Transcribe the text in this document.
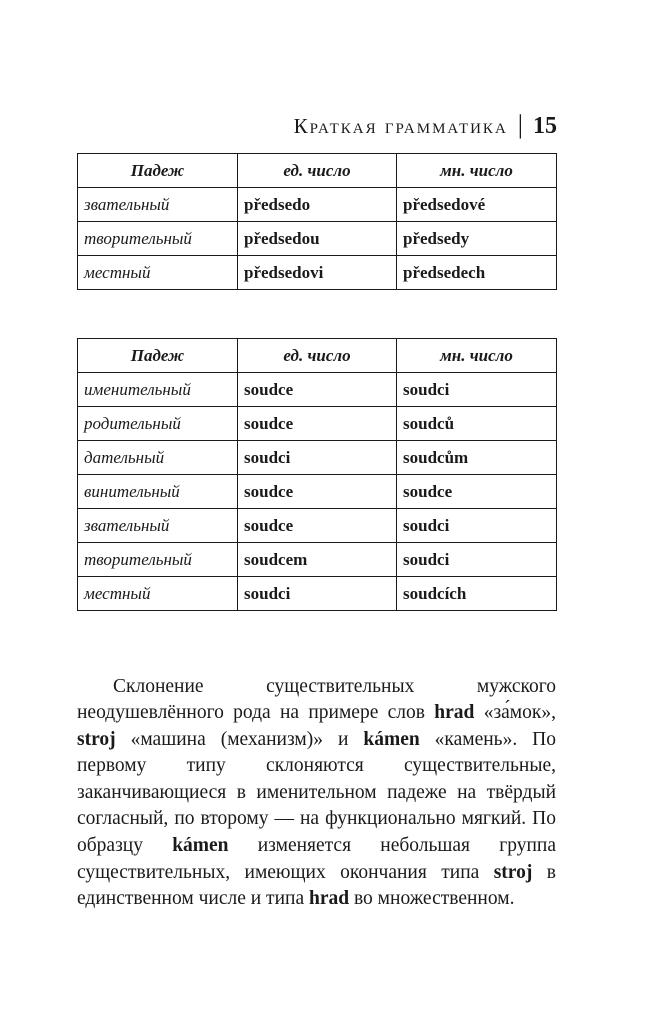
Краткая грамматика | 15
Падеж	ед. число	мн. число
звательный	předsedo	předsedové
творительный	předsedou	předsedy
местный	předsedovi	předsedech
Падеж	ед. число	мн. число
именительный	soudce	soudci
родительный	soudce	soudců
дательный	soudci	soudcům
винительный	soudce	soudce
звательный	soudce	soudci
творительный	soudcem	soudci
местный	soudci	soudcích

Склонение существительных мужского неодушевлённого рода на примере слов hrad «за́мок», stroj «машина (механизм)» и kámen «камень». По первому типу склоняются существительные, заканчивающиеся в именительном падеже на твёрдый согласный, по второму — на функционально мягкий. По образцу kámen изменяется небольшая группа существительных, имеющих окончания типа stroj в единственном числе и типа hrad во множественном.
